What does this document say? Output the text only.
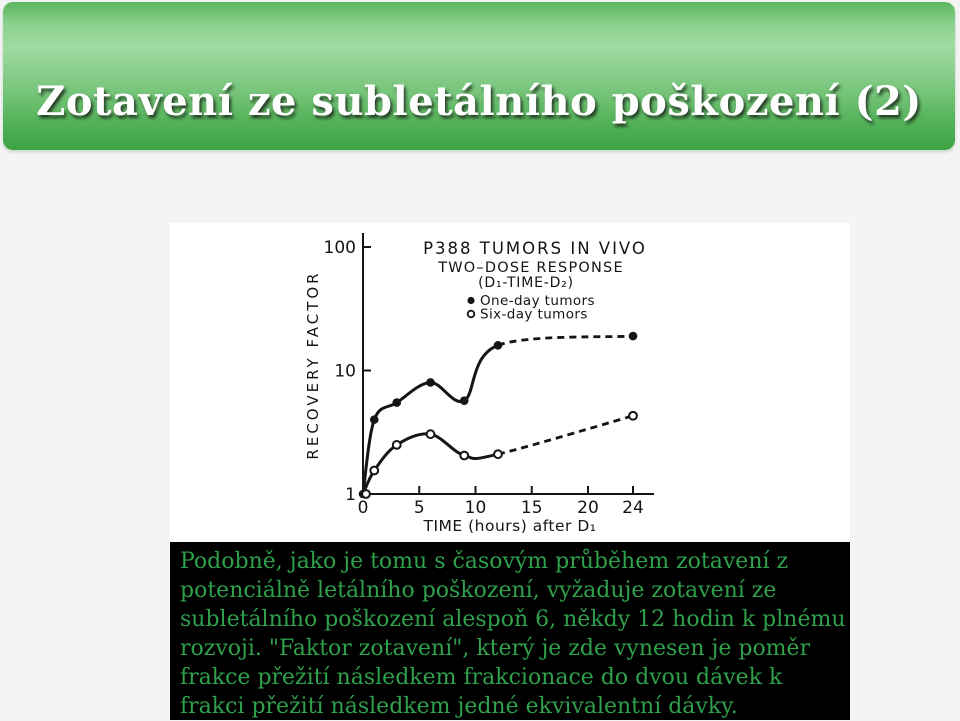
Zotavení ze subletálního poškození (2)
1
10
100
0	5 10 15 20 24
TIME (hours) after D₁
RECOVERY FACTOR
P388 TUMORS IN VIVO
TWO–DOSE RESPONSE
(D₁-TIME-D₂)
One-day tumors
Six-day tumors
Podobně, jako je tomu s časovým průběhem zotavení z
potenciálně letálního poškození, vyžaduje zotavení ze
subletálního poškození alespoň 6, někdy 12 hodin k plnému
rozvoji. "Faktor zotavení", který je zde vynesen je poměr
frakce přežití následkem frakcionace do dvou dávek k
frakci přežití následkem jedné ekvivalentní dávky.
